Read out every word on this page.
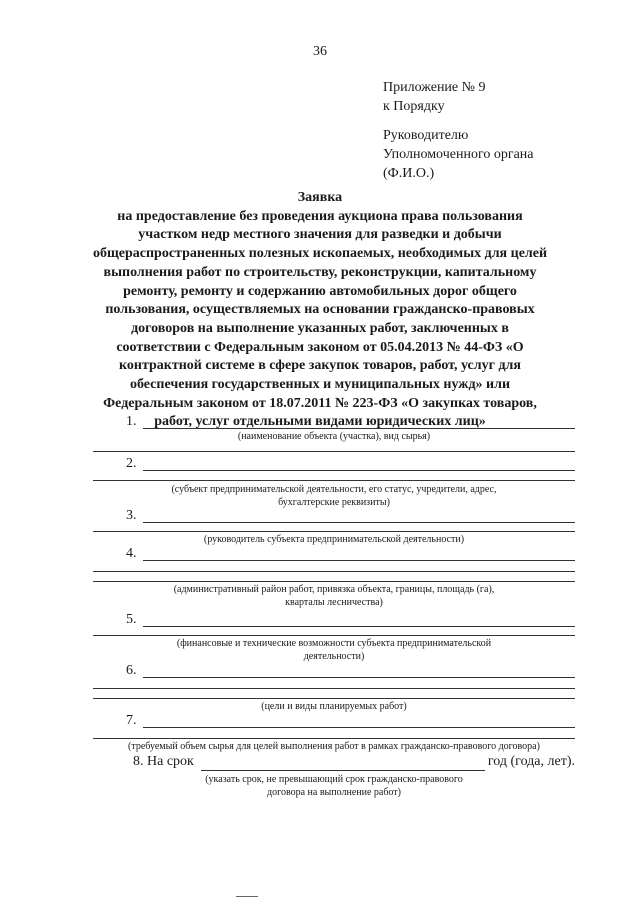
36
Приложение № 9
к Порядку
Руководителю
Уполномоченного органа
(Ф.И.О.)
Заявка
на предоставление без проведения аукциона права пользования участком недр местного значения для разведки и добычи общераспространенных полезных ископаемых, необходимых для целей выполнения работ по строительству, реконструкции, капитальному ремонту, ремонту и содержанию автомобильных дорог общего пользования, осуществляемых на основании гражданско-правовых договоров на выполнение указанных работ, заключенных в соответствии с Федеральным законом от 05.04.2013 № 44-ФЗ «О контрактной системе в сфере закупок товаров, работ, услуг для обеспечения государственных и муниципальных нужд» или Федеральным законом от 18.07.2011 № 223-ФЗ «О закупках товаров, работ, услуг отдельными видами юридических лиц»
1.
(наименование объекта (участка), вид сырья)
2.
(субъект предпринимательской деятельности, его статус, учредители, адрес,
бухгалтерские реквизиты)
3.
(руководитель субъекта предпринимательской деятельности)
4.
(административный район работ, привязка объекта, границы, площадь (га),
кварталы лесничества)
5.
(финансовые и технические возможности субъекта предпринимательской
деятельности)
6.
(цели и виды планируемых работ)
7.
(требуемый объем сырья для целей выполнения работ в рамках гражданско-правового договора)
8. На срок	год (года, лет).
(указать срок, не превышающий срок гражданско-правового
договора на выполнение работ)
